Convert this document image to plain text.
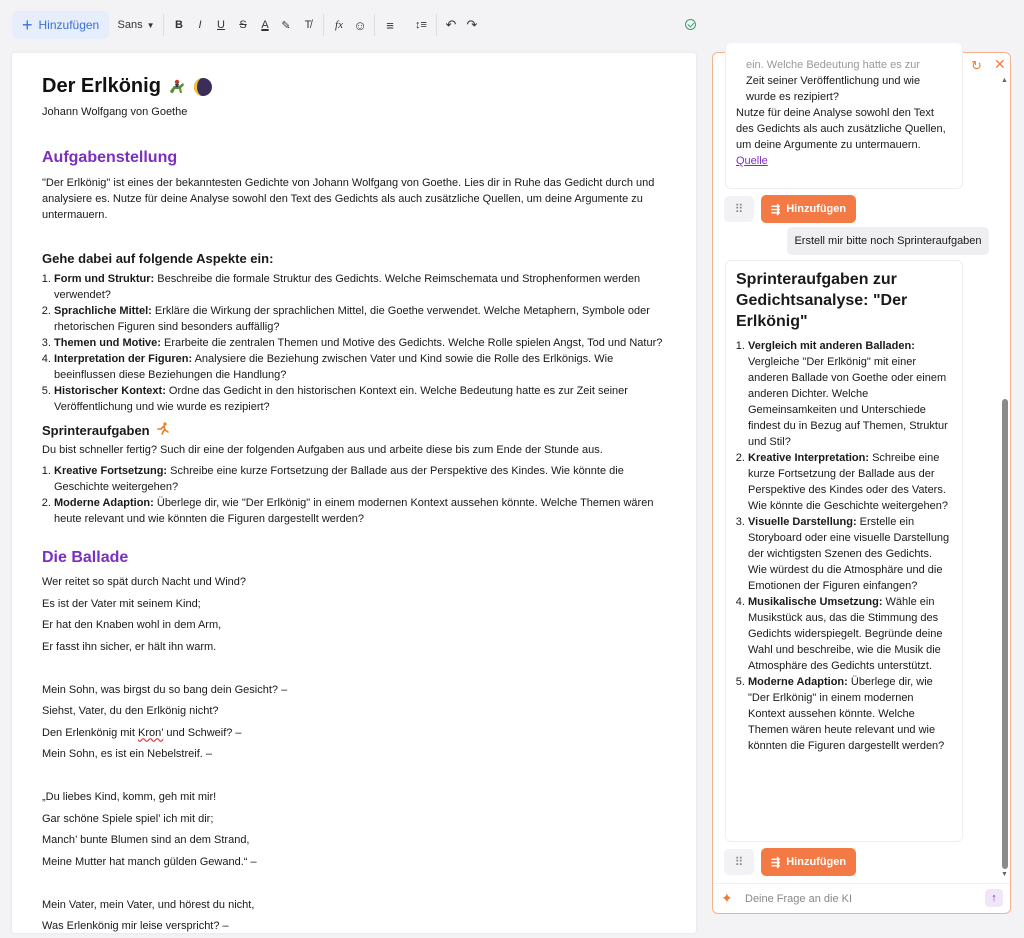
+ Hinzufügen Sans ▼	B	I	U	S	A	✎	T̸	fx ☺	≡	↕≡	↶ ↷
Der Erlkönig
Johann Wolfgang von Goethe
Aufgabenstellung
"Der Erlkönig" ist eines der bekanntesten Gedichte von Johann Wolfgang von Goethe. Lies dir in Ruhe das Gedicht durch und analysiere es. Nutze für deine Analyse sowohl den Text des Gedichts als auch zusätzliche Quellen, um deine Argumente zu untermauern.
Gehe dabei auf folgende Aspekte ein:
1. Form und Struktur: Beschreibe die formale Struktur des Gedichts. Welche Reimschemata und Strophenformen werden verwendet?
2. Sprachliche Mittel: Erkläre die Wirkung der sprachlichen Mittel, die Goethe verwendet. Welche Metaphern, Symbole oder rhetorischen Figuren sind besonders auffällig?
3. Themen und Motive: Erarbeite die zentralen Themen und Motive des Gedichts. Welche Rolle spielen Angst, Tod und Natur?
4. Interpretation der Figuren: Analysiere die Beziehung zwischen Vater und Kind sowie die Rolle des Erlkönigs. Wie beeinflussen diese Beziehungen die Handlung?
5. Historischer Kontext: Ordne das Gedicht in den historischen Kontext ein. Welche Bedeutung hatte es zur Zeit seiner Veröffentlichung und wie wurde es rezipiert?
Sprinteraufgaben
Du bist schneller fertig? Such dir eine der folgenden Aufgaben aus und arbeite diese bis zum Ende der Stunde aus.
1. Kreative Fortsetzung: Schreibe eine kurze Fortsetzung der Ballade aus der Perspektive des Kindes. Wie könnte die Geschichte weitergehen?
2. Moderne Adaption: Überlege dir, wie "Der Erlkönig" in einem modernen Kontext aussehen könnte. Welche Themen wären heute relevant und wie könnten die Figuren dargestellt werden?
Die Ballade
Wer reitet so spät durch Nacht und Wind?
Es ist der Vater mit seinem Kind;
Er hat den Knaben wohl in dem Arm,
Er fasst ihn sicher, er hält ihn warm.
Mein Sohn, was birgst du so bang dein Gesicht? –
Siehst, Vater, du den Erlkönig nicht?
Den Erlenkönig mit Kron’ und Schweif? –
Mein Sohn, es ist ein Nebelstreif. –
„Du liebes Kind, komm, geh mit mir!
Gar schöne Spiele spiel’ ich mit dir;
Manch’ bunte Blumen sind an dem Strand,
Meine Mutter hat manch gülden Gewand.“ –
Mein Vater, mein Vater, und hörest du nicht,
Was Erlenkönig mir leise verspricht? –
↻ ✕
ein. Welche Bedeutung hatte es zur
Zeit seiner Veröffentlichung und wie
wurde es rezipiert?
Nutze für deine Analyse sowohl den Text des Gedichts als auch zusätzliche Quellen, um deine Argumente zu untermauern. Quelle
⠿	⇶ Hinzufügen
Erstell mir bitte noch Sprinteraufgaben
Sprinteraufgaben zur Gedichtsanalyse: "Der Erlkönig"
1. Vergleich mit anderen Balladen: Vergleiche "Der Erlkönig" mit einer anderen Ballade von Goethe oder einem anderen Dichter. Welche Gemeinsamkeiten und Unterschiede findest du in Bezug auf Themen, Struktur und Stil?
2. Kreative Interpretation: Schreibe eine kurze Fortsetzung der Ballade aus der Perspektive des Kindes oder des Vaters. Wie könnte die Geschichte weitergehen?
3. Visuelle Darstellung: Erstelle ein Storyboard oder eine visuelle Darstellung der wichtigsten Szenen des Gedichts. Wie würdest du die Atmosphäre und die Emotionen der Figuren einfangen?
4. Musikalische Umsetzung: Wähle ein Musikstück aus, das die Stimmung des Gedichts widerspiegelt. Begründe deine Wahl und beschreibe, wie die Musik die Atmosphäre des Gedichts unterstützt.
5. Moderne Adaption: Überlege dir, wie "Der Erlkönig" in einem modernen Kontext aussehen könnte. Welche Themen wären heute relevant und wie könnten die Figuren dargestellt werden?
⠿	⇶ Hinzufügen
▲
▼
✦
Deine Frage an die KI	↑
